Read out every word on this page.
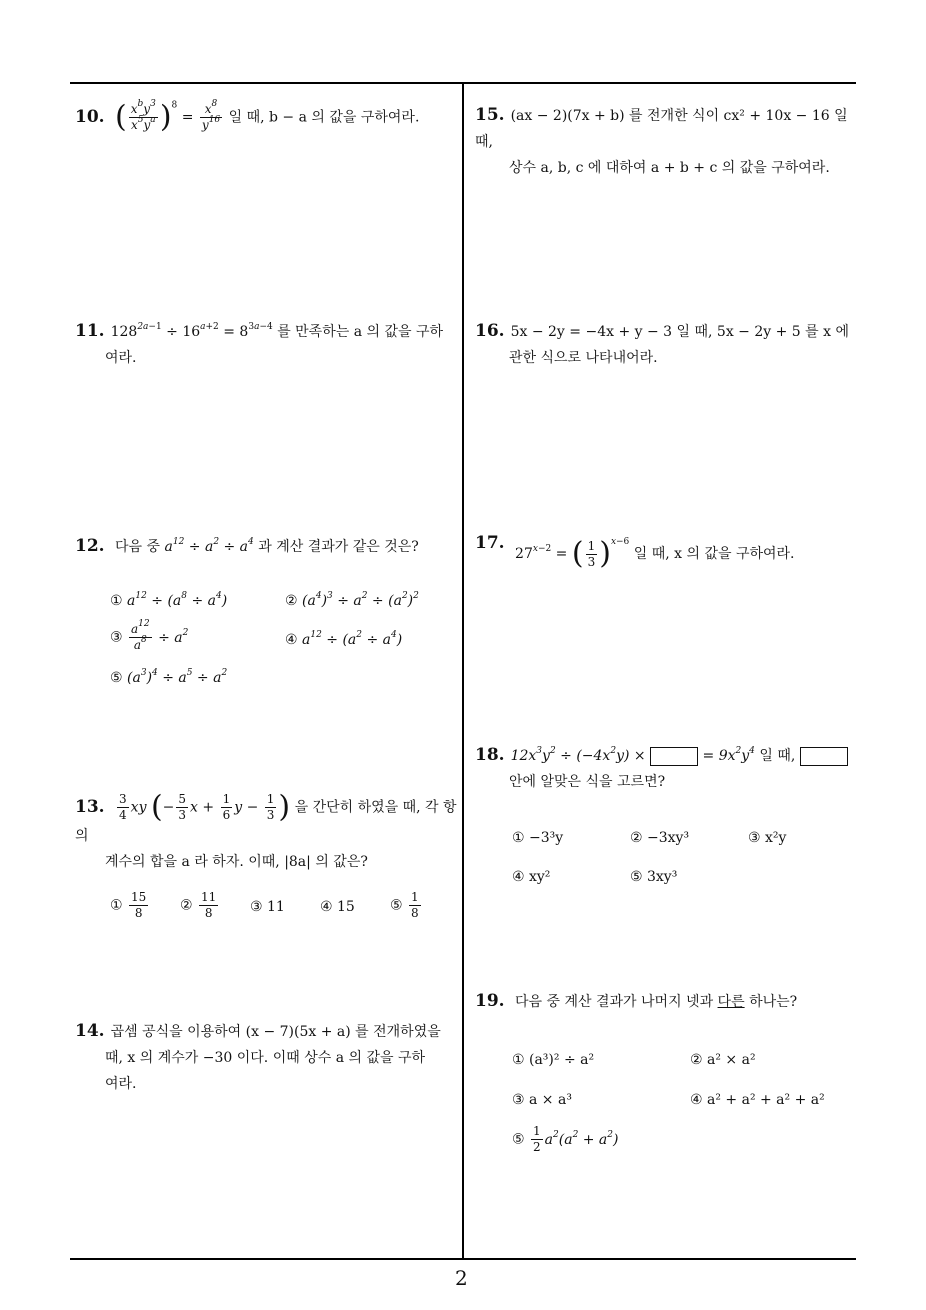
2
10. ( $\frac{x^by^3}{x^5y^a} )^8 = \frac{x^8}{y^{16}}$ 일 때, b − a 의 값을 구하여라.
11. $128^{2a-1} \div 16^{a+2} = 8^{3a-4}$ 를 만족하는 a 의 값을 구하
여라.
12. 다음 중 $a^{12} \div a^2 \div a^4$ 과 계산 결과가 같은 것은?
① $a^{12} \div (a^8 \div a^4)$	② $(a^4)^3 \div a^2 \div (a^2)^2$
③ $\frac{a^{12}}{a^8} \div a^2$	④ $a^{12} \div (a^2 \div a^4)$
⑤ $(a^3)^4 \div a^5 \div a^2$
13. $\frac{3}{4}$ xy (− $\frac{5}{3}$ $x + \frac{1}{6}$ $y - \frac{1}{3}$ ) 을 간단히 하였을 때, 각 항의
계수의 합을 a 라 하자. 이때, |8a| 의 값은?
① $\frac{15}{8}$ ② $\frac{11}{8}$ ③ 11	④ 15	⑤ $\frac{1}{8}$
14. 곱셈 공식을 이용하여 (x − 7)(5x + a) 를 전개하였을
때, x 의 계수가 −30 이다. 이때 상수 a 의 값을 구하
여라.
15. (ax − 2)(7x + b) 를 전개한 식이 cx² + 10x − 16 일 때,
상수 a, b, c 에 대하여 a + b + c 의 값을 구하여라.
16. 5x − 2y = −4x + y − 3 일 때, 5x − 2y + 5 를 x 에
관한 식으로 나타내어라.
17. $27^{x-2}$ = ( $\frac{1}{3} )^{x-6}$ 일 때, x 의 값을 구하여라.
18. $12x^3y^2 \div (-4x^2y)$ ×	= $9x^2y^4$ 일 때,
안에 알맞은 식을 고르면?
① −3³y	② −3xy³	③ x²y
④ xy²	⑤ 3xy³
19. 다음 중 계산 결과가 나머지 넷과 다른 하나는?
① (a³)² ÷ a²	② a² × a²
③ a × a³	④ a² + a² + a² + a²
⑤ $\frac{1}{2} a^2(a^2 + a^2)$
